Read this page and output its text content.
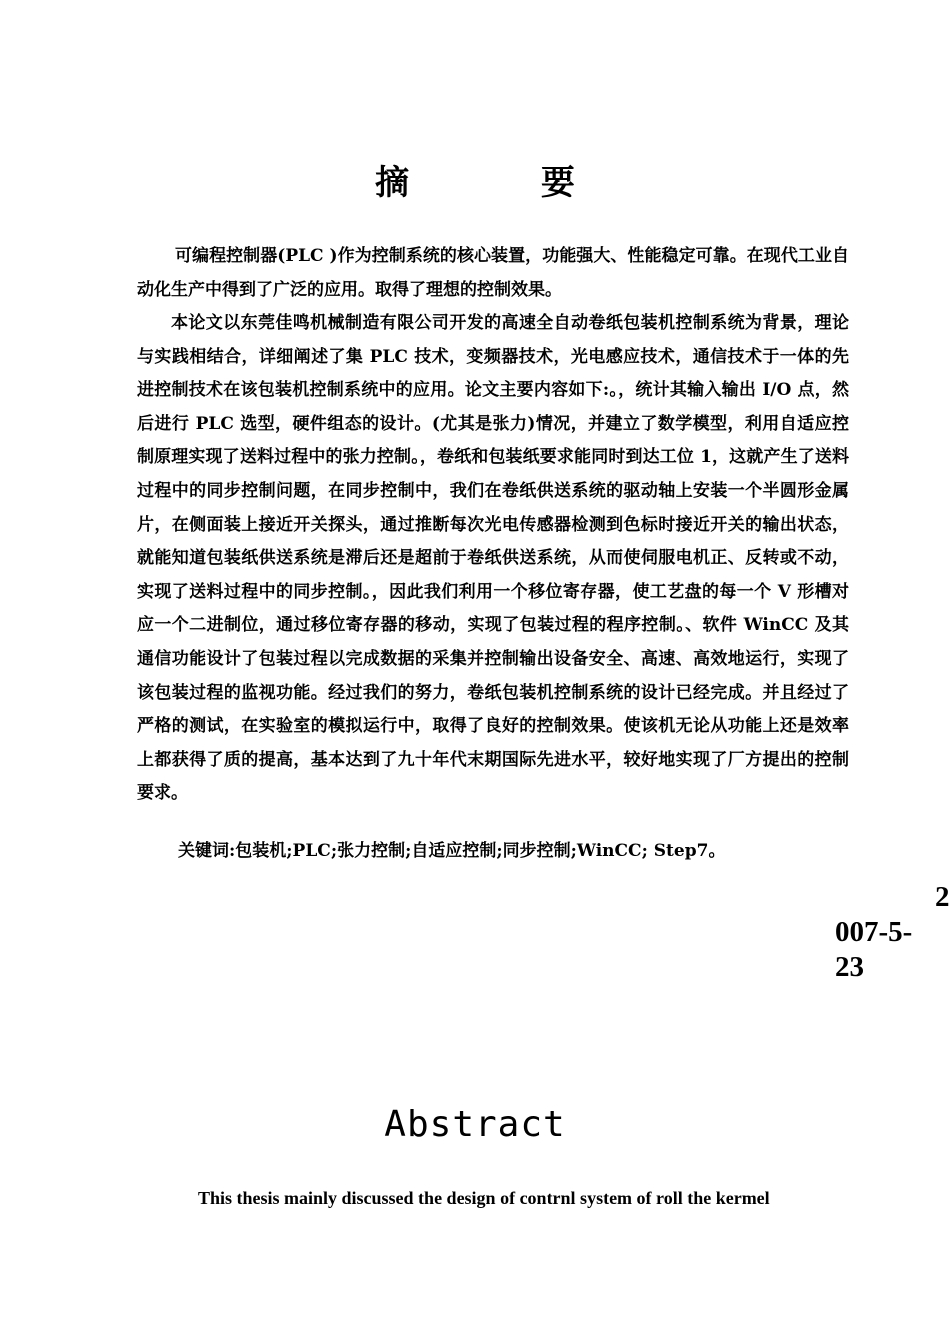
摘 要

可编程控制器(PLC )作为控制系统的核心装置，功能强大、性能稳定可靠。在现代工业自动化生产中得到了广泛的应用。取得了理想的控制效果。

本论文以东莞佳鸣机械制造有限公司开发的高速全自动卷纸包装机控制系统为背景，理论与实践相结合，详细阐述了集 PLC 技术，变频器技术，光电感应技术，通信技术于一体的先进控制技术在该包装机控制系统中的应用。论文主要内容如下:。，统计其输入输出 I/O 点，然后进行 PLC 选型，硬件组态的设计。(尤其是张力)情况，并建立了数学模型，利用自适应控制原理实现了送料过程中的张力控制。，卷纸和包装纸要求能同时到达工位 1，这就产生了送料过程中的同步控制问题，在同步控制中，我们在卷纸供送系统的驱动轴上安装一个半圆形金属片，在侧面装上接近开关探头，通过推断每次光电传感器检测到色标时接近开关的输出状态，就能知道包装纸供送系统是滞后还是超前于卷纸供送系统，从而使伺服电机正、反转或不动，实现了送料过程中的同步控制。，因此我们利用一个移位寄存器，使工艺盘的每一个 V 形槽对应一个二进制位，通过移位寄存器的移动，实现了包装过程的程序控制。、软件 WinCC 及其通信功能设计了包装过程以完成数据的采集并控制输出设备安全、高速、高效地运行，实现了该包装过程的监视功能。经过我们的努力，卷纸包装机控制系统的设计已经完成。并且经过了严格的测试，在实验室的模拟运行中，取得了良好的控制效果。使该机无论从功能上还是效率上都获得了质的提高，基本达到了九十年代末期国际先进水平，较好地实现了厂方提出的控制要求。

关键词:包装机;PLC;张力控制;自适应控制;同步控制;WinCC; Step7。

2
007-5-
23
Abstract

This thesis mainly discussed the design of contrnl system of roll the kermel
